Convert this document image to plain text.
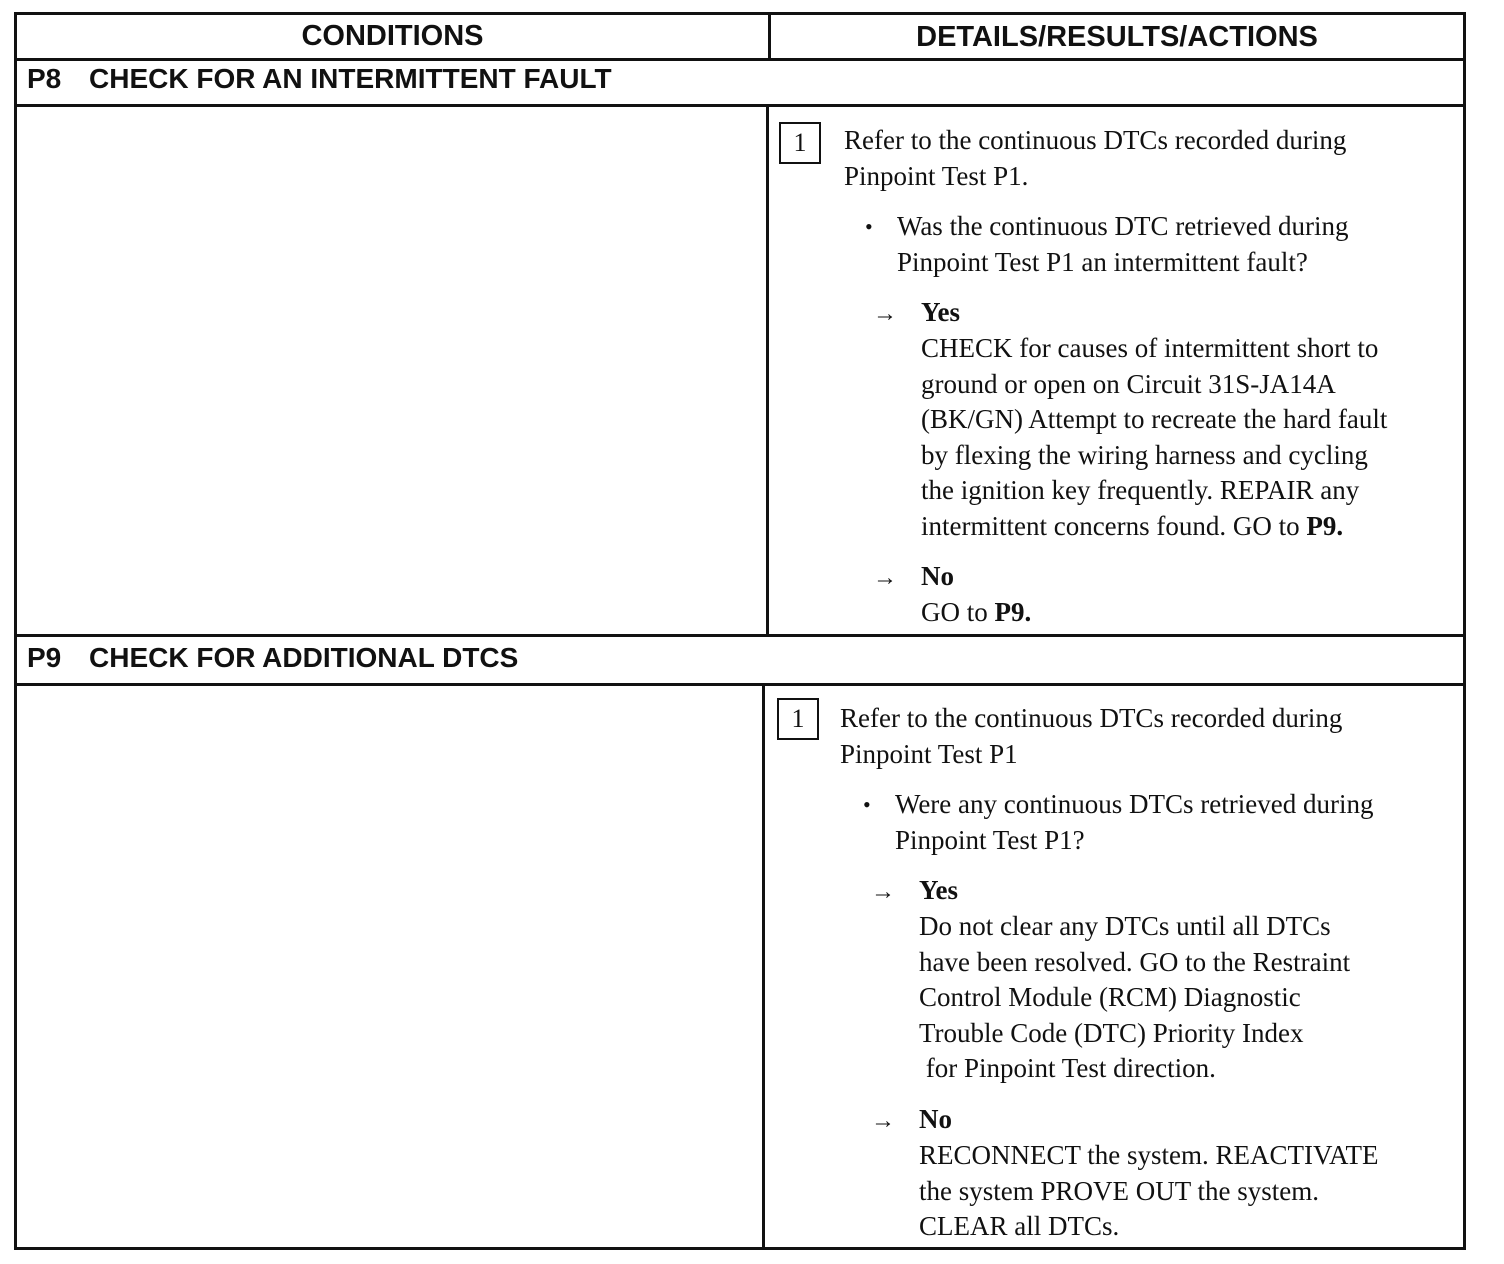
CONDITIONS	DETAILS/RESULTS/ACTIONS
P8 CHECK FOR AN INTERMITTENT FAULT
1	Refer to the continuous DTCs recorded during
Pinpoint Test P1.
• Was the continuous DTC retrieved during
Pinpoint Test P1 an intermittent fault?
→ Yes
CHECK for causes of intermittent short to
ground or open on Circuit 31S-JA14A
(BK/GN) Attempt to recreate the hard fault
by flexing the wiring harness and cycling
the ignition key frequently. REPAIR any
intermittent concerns found. GO to P9.
→ No
GO to P9.
P9 CHECK FOR ADDITIONAL DTCS
1	Refer to the continuous DTCs recorded during
Pinpoint Test P1
• Were any continuous DTCs retrieved during
Pinpoint Test P1?
→ Yes
Do not clear any DTCs until all DTCs
have been resolved. GO to the Restraint
Control Module (RCM) Diagnostic
Trouble Code (DTC) Priority Index
for Pinpoint Test direction.
→ No
RECONNECT the system. REACTIVATE
the system PROVE OUT the system.
CLEAR all DTCs.
